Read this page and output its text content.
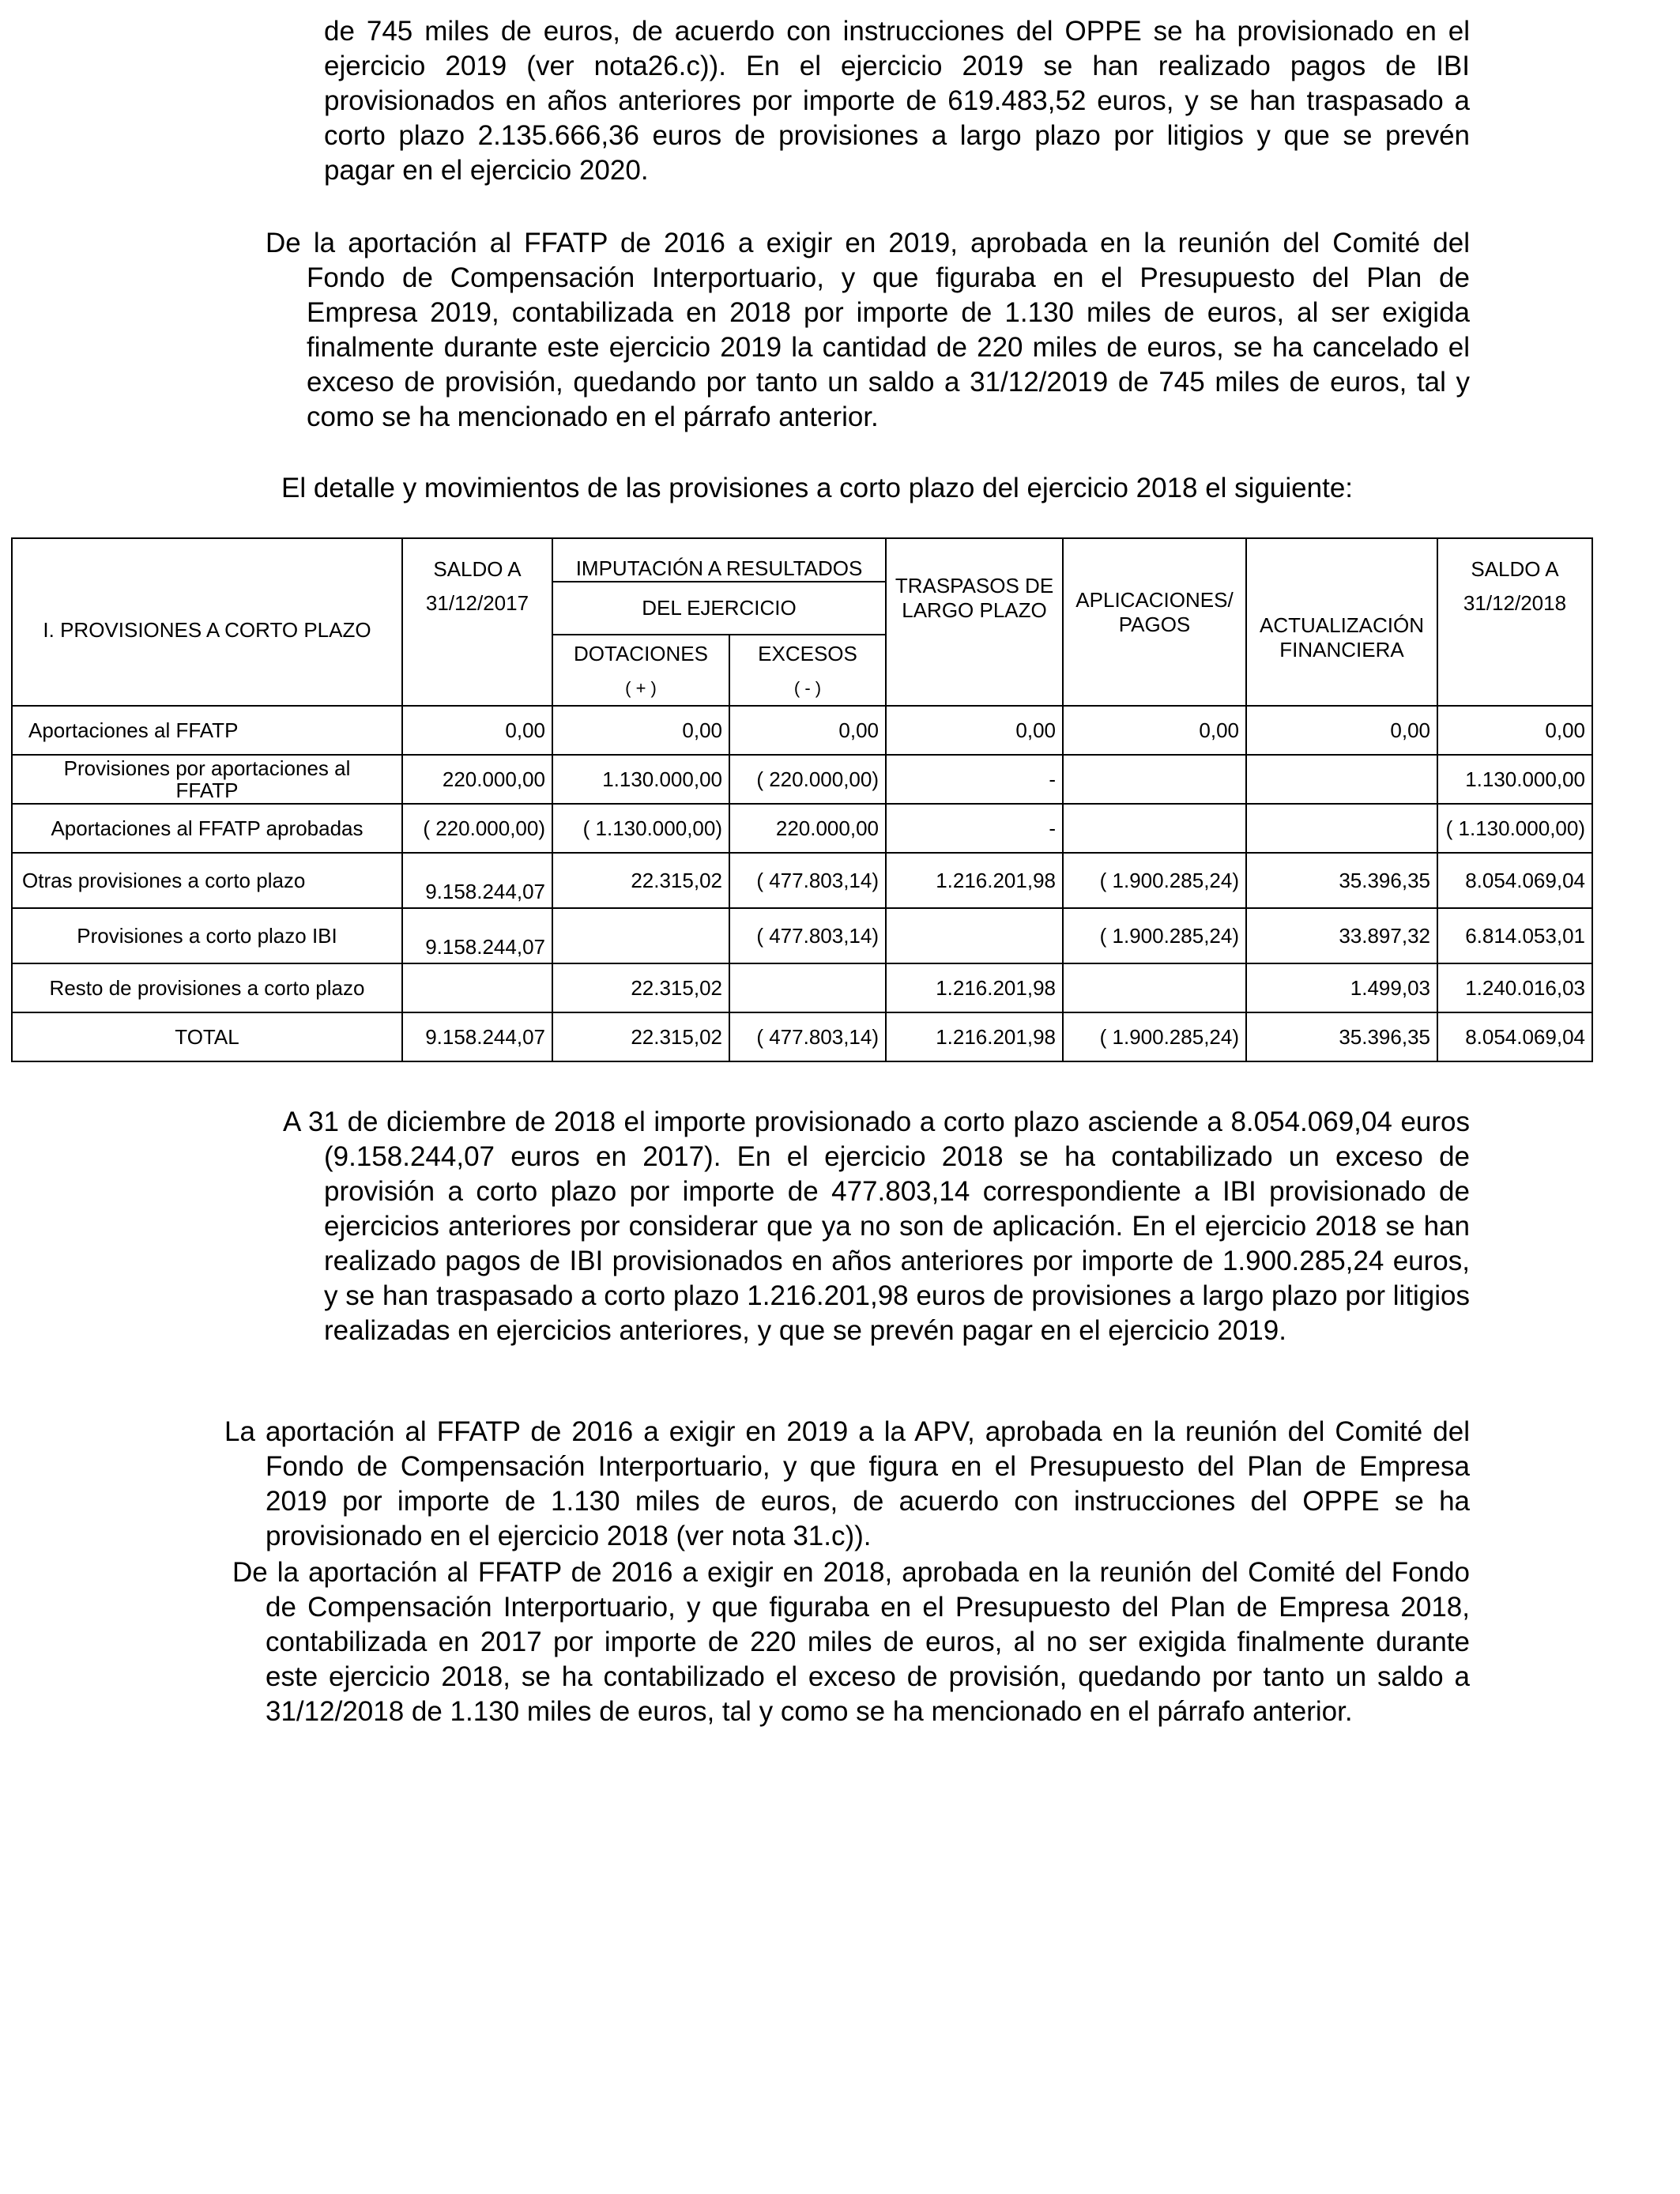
de 745 miles de euros, de acuerdo con instrucciones del OPPE se ha provisionado en el ejercicio 2019 (ver nota26.c)). En el ejercicio 2019 se han realizado pagos de IBI provisionados en años anteriores por importe de 619.483,52 euros, y se han traspasado a corto plazo 2.135.666,36 euros de provisiones a largo plazo por litigios y que se prevén pagar en el ejercicio 2020.

De la aportación al FFATP de 2016 a exigir en 2019, aprobada en la reunión del Comité del Fondo de Compensación Interportuario, y que figuraba en el Presupuesto del Plan de Empresa 2019, contabilizada en 2018 por importe de 1.130 miles de euros, al ser exigida finalmente durante este ejercicio 2019 la cantidad de 220 miles de euros, se ha cancelado el exceso de provisión, quedando por tanto un saldo a 31/12/2019 de 745 miles de euros, tal y como se ha mencionado en el párrafo anterior.

El detalle y movimientos de las provisiones a corto plazo del ejercicio 2018 el siguiente:

I. PROVISIONES A CORTO PLAZO	SALDO A	IMPUTACIÓN A RESULTADOS		TRASPASOS DE LARGO PLAZO	APLICACIONES/ PAGOS	ACTUALIZACIÓN FINANCIERA	SALDO A
	31/12/2017	DEL EJERCICIO					31/12/2018
		DOTACIONES	EXCESOS				
		( + )	( - )				
Aportaciones al FFATP	0,00	0,00	0,00	0,00	0,00	0,00	0,00
Provisiones por aportaciones al FFATP	220.000,00	1.130.000,00	( 220.000,00)	-			1.130.000,00
Aportaciones al FFATP aprobadas	( 220.000,00)	( 1.130.000,00)	220.000,00	-			( 1.130.000,00)
Otras provisiones a corto plazo	9.158.244,07	22.315,02	( 477.803,14)	1.216.201,98	( 1.900.285,24)	35.396,35	8.054.069,04
Provisiones a corto plazo IBI	9.158.244,07		( 477.803,14)		( 1.900.285,24)	33.897,32	6.814.053,01
Resto de provisiones a corto plazo		22.315,02		1.216.201,98		1.499,03	1.240.016,03
TOTAL	9.158.244,07	22.315,02	( 477.803,14)	1.216.201,98	( 1.900.285,24)	35.396,35	8.054.069,04

A 31 de diciembre de 2018 el importe provisionado a corto plazo asciende a 8.054.069,04 euros (9.158.244,07 euros en 2017). En el ejercicio 2018 se ha contabilizado un exceso de provisión a corto plazo por importe de 477.803,14 correspondiente a IBI provisionado de ejercicios anteriores por considerar que ya no son de aplicación. En el ejercicio 2018 se han realizado pagos de IBI provisionados en años anteriores por importe de 1.900.285,24 euros, y se han traspasado a corto plazo 1.216.201,98 euros de provisiones a largo plazo por litigios realizadas en ejercicios anteriores, y que se prevén pagar en el ejercicio 2019.

La aportación al FFATP de 2016 a exigir en 2019 a la APV, aprobada en la reunión del Comité del Fondo de Compensación Interportuario, y que figura en el Presupuesto del Plan de Empresa 2019 por importe de 1.130 miles de euros, de acuerdo con instrucciones del OPPE se ha provisionado en el ejercicio 2018 (ver nota 31.c)).

De la aportación al FFATP de 2016 a exigir en 2018, aprobada en la reunión del Comité del Fondo de Compensación Interportuario, y que figuraba en el Presupuesto del Plan de Empresa 2018, contabilizada en 2017 por importe de 220 miles de euros, al no ser exigida finalmente durante este ejercicio 2018, se ha contabilizado el exceso de provisión, quedando por tanto un saldo a 31/12/2018 de 1.130 miles de euros, tal y como se ha mencionado en el párrafo anterior.
